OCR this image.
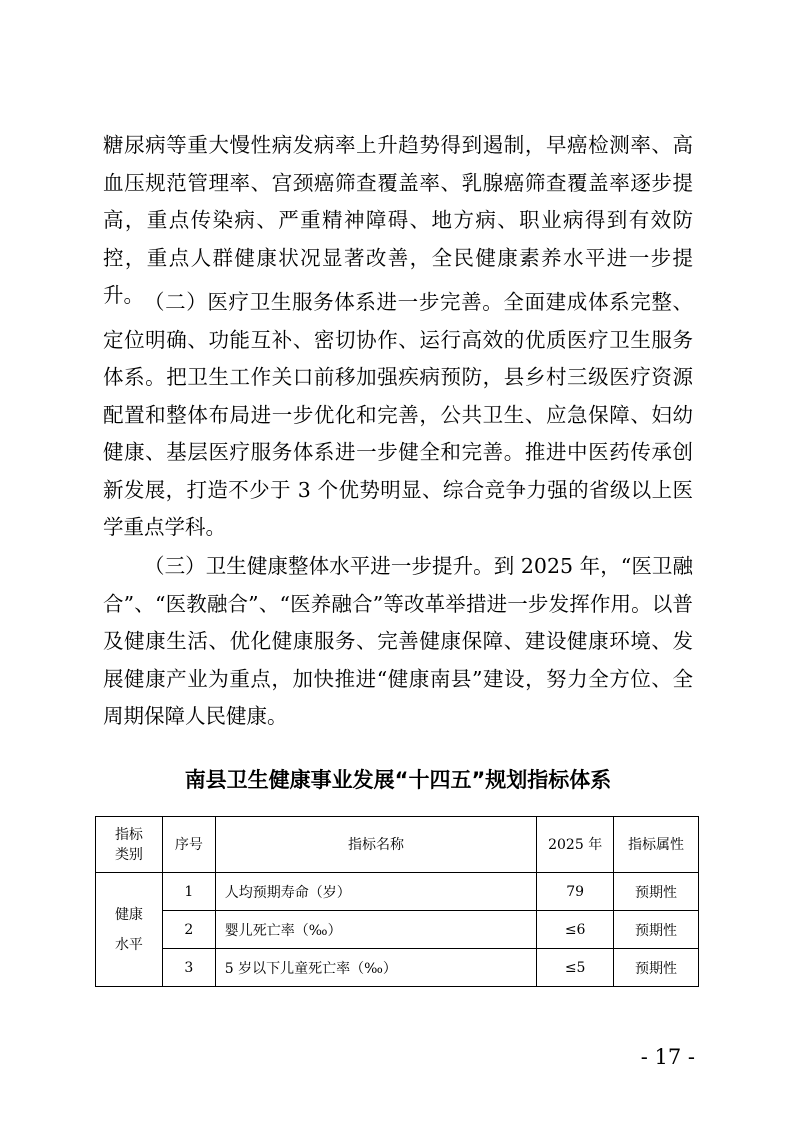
糖尿病等重大慢性病发病率上升趋势得到遏制，早癌检测率、高血压规范管理率、宫颈癌筛查覆盖率、乳腺癌筛查覆盖率逐步提高，重点传染病、严重精神障碍、地方病、职业病得到有效防控，重点人群健康状况显著改善，全民健康素养水平进一步提升。 （二）医疗卫生服务体系进一步完善。全面建成体系完整、定位明确、功能互补、密切协作、运行高效的优质医疗卫生服务体系。把卫生工作关口前移加强疾病预防，县乡村三级医疗资源配置和整体布局进一步优化和完善，公共卫生、应急保障、妇幼健康、基层医疗服务体系进一步健全和完善。推进中医药传承创新发展，打造不少于 3 个优势明显、综合竞争力强的省级以上医学重点学科。

（三）卫生健康整体水平进一步提升。到 2025 年，“医卫融合”、“医教融合”、“医养融合”等改革举措进一步发挥作用。以普及健康生活、优化健康服务、完善健康保障、建设健康环境、发展健康产业为重点，加快推进“健康南县”建设，努力全方位、全周期保障人民健康。

南县卫生健康事业发展“十四五”规划指标体系
指标
类别	序号	指标名称	2025 年	指标属性
健康
水平	1	人均预期寿命（岁）	79	预期性
	2	婴儿死亡率（‰）	≤6	预期性
	3	5 岁以下儿童死亡率（‰）	≤5	预期性
- 17 -
